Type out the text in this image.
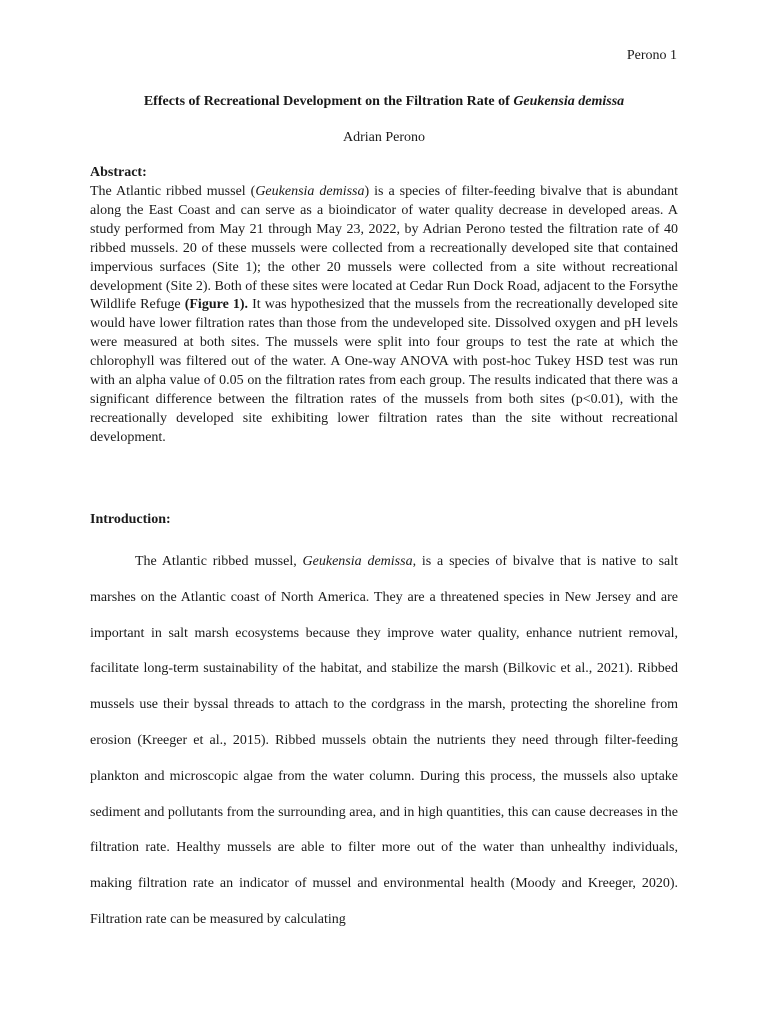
Perono 1
Effects of Recreational Development on the Filtration Rate of Geukensia demissa
Adrian Perono
Abstract:

The Atlantic ribbed mussel (Geukensia demissa) is a species of filter-feeding bivalve that is abundant along the East Coast and can serve as a bioindicator of water quality decrease in developed areas. A study performed from May 21 through May 23, 2022, by Adrian Perono tested the filtration rate of 40 ribbed mussels. 20 of these mussels were collected from a recreationally developed site that contained impervious surfaces (Site 1); the other 20 mussels were collected from a site without recreational development (Site 2). Both of these sites were located at Cedar Run Dock Road, adjacent to the Forsythe Wildlife Refuge (Figure 1). It was hypothesized that the mussels from the recreationally developed site would have lower filtration rates than those from the undeveloped site. Dissolved oxygen and pH levels were measured at both sites. The mussels were split into four groups to test the rate at which the chlorophyll was filtered out of the water. A One-way ANOVA with post-hoc Tukey HSD test was run with an alpha value of 0.05 on the filtration rates from each group. The results indicated that there was a significant difference between the filtration rates of the mussels from both sites (p<0.01), with the recreationally developed site exhibiting lower filtration rates than the site without recreational development.

Introduction:

The Atlantic ribbed mussel, Geukensia demissa, is a species of bivalve that is native to salt marshes on the Atlantic coast of North America. They are a threatened species in New Jersey and are important in salt marsh ecosystems because they improve water quality, enhance nutrient removal, facilitate long-term sustainability of the habitat, and stabilize the marsh (Bilkovic et al., 2021). Ribbed mussels use their byssal threads to attach to the cordgrass in the marsh, protecting the shoreline from erosion (Kreeger et al., 2015). Ribbed mussels obtain the nutrients they need through filter-feeding plankton and microscopic algae from the water column. During this process, the mussels also uptake sediment and pollutants from the surrounding area, and in high quantities, this can cause decreases in the filtration rate. Healthy mussels are able to filter more out of the water than unhealthy individuals, making filtration rate an indicator of mussel and environmental health (Moody and Kreeger, 2020). Filtration rate can be measured by calculating
